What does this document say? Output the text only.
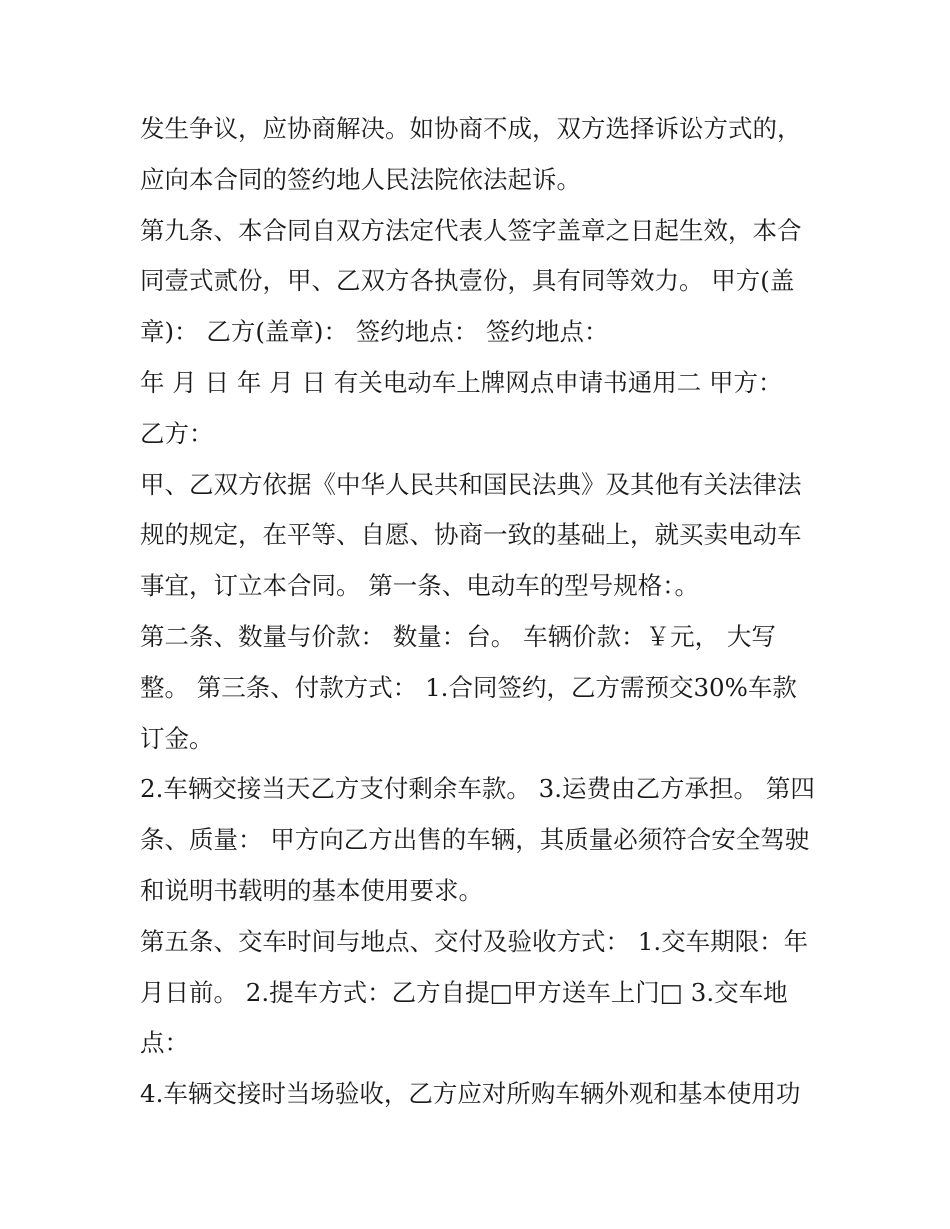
发生争议，应协商解决。如协商不成，双方选择诉讼方式的，应向本合同的签约地人民法院依法起诉。

第九条、本合同自双方法定代表人签字盖章之日起生效，本合同壹式贰份，甲、乙双方各执壹份，具有同等效力。 甲方(盖章)： 乙方(盖章)： 签约地点： 签约地点：

年 月 日 年 月 日 有关电动车上牌网点申请书通用二 甲方：

乙方：

甲、乙双方依据《中华人民共和国民法典》及其他有关法律法规的规定，在平等、自愿、协商一致的基础上，就买卖电动车事宜，订立本合同。 第一条、电动车的型号规格：。

第二条、数量与价款： 数量：台。 车辆价款：￥元， 大写整。 第三条、付款方式： 1.合同签约，乙方需预交30%车款订金。

2.车辆交接当天乙方支付剩余车款。 3.运费由乙方承担。 第四条、质量： 甲方向乙方出售的车辆，其质量必须符合安全驾驶和说明书载明的基本使用要求。

第五条、交车时间与地点、交付及验收方式： 1.交车期限：年月日前。 2.提车方式：乙方自提□甲方送车上门□ 3.交车地点：

4.车辆交接时当场验收，乙方应对所购车辆外观和基本使用功
